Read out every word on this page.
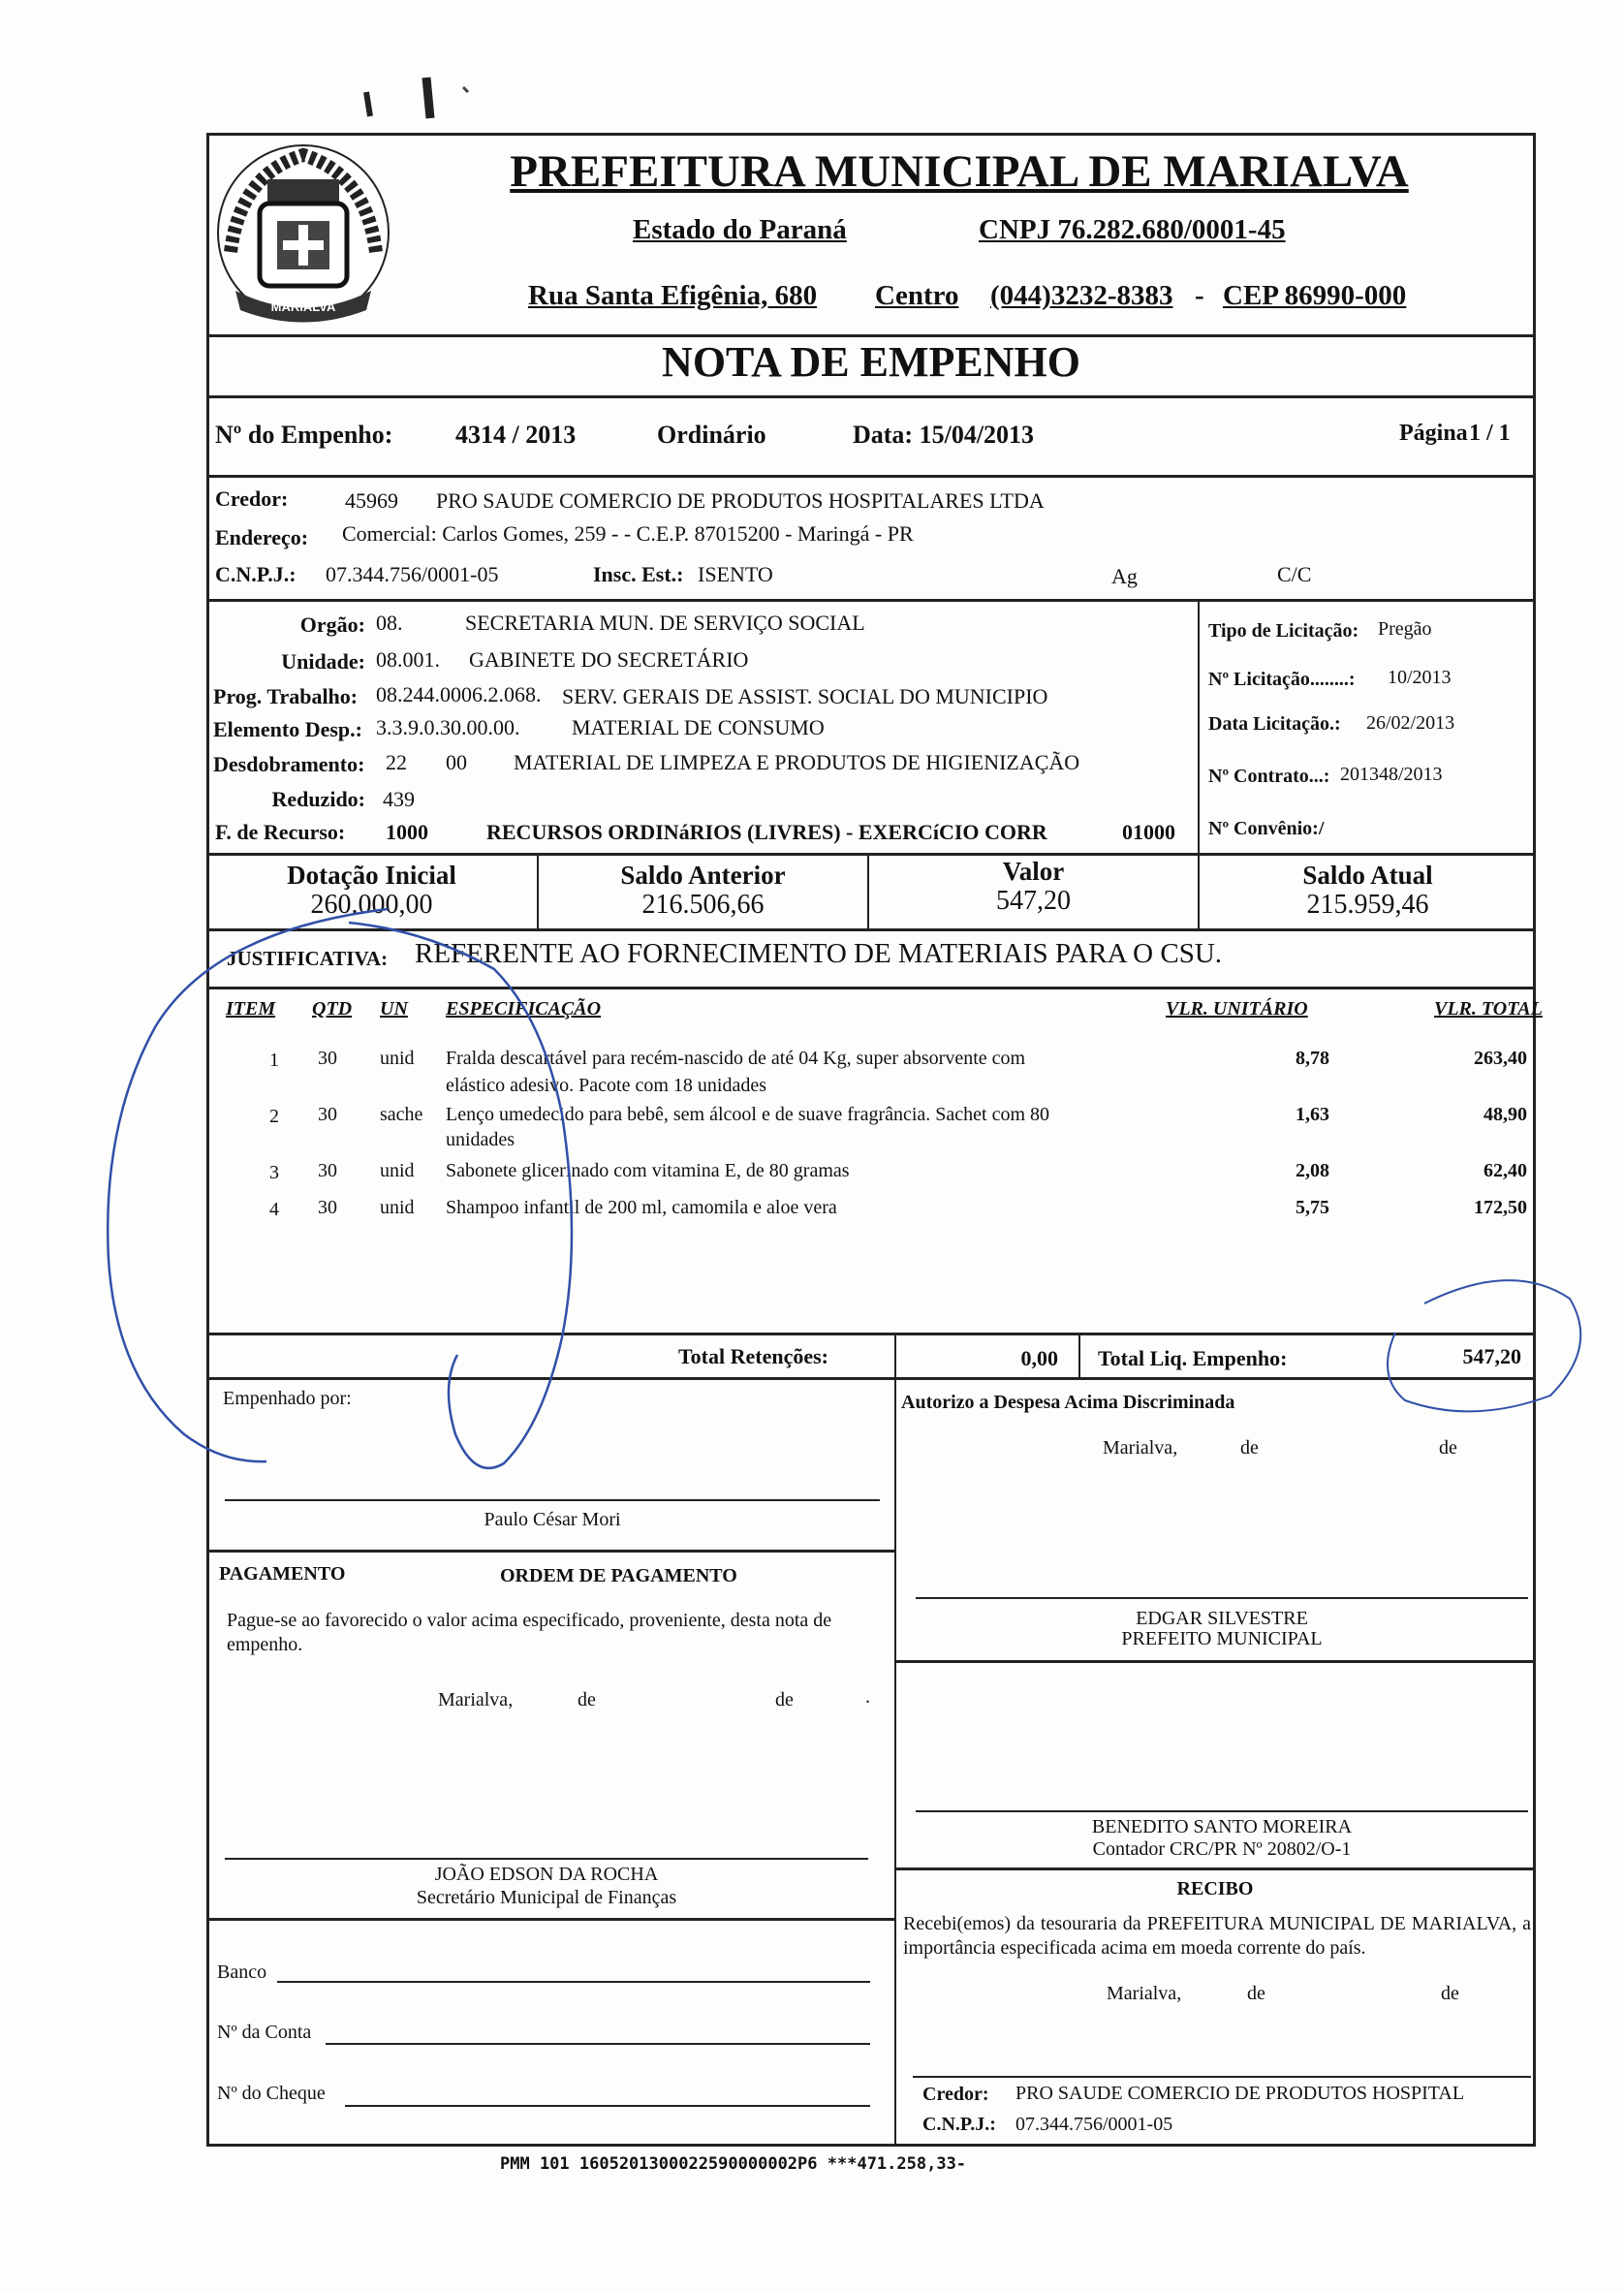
MARIALVA
PREFEITURA MUNICIPAL DE MARIALVA
Estado do Paraná	CNPJ 76.282.680/0001-45
Rua Santa Efigênia, 680 Centro (044)3232-8383 - CEP 86990-000
NOTA DE EMPENHO
Nº do Empenho: 4314 / 2013	Ordinário	Data: 15/04/2013	Página 1 / 1
Credor:	45969 PRO SAUDE COMERCIO DE PRODUTOS HOSPITALARES LTDA
Endereço: Comercial: Carlos Gomes, 259 - - C.E.P. 87015200 - Maringá - PR
C.N.P.J.: 07.344.756/0001-05	Insc. Est.: ISENTO	Ag	C/C
Orgão: 08.	SECRETARIA MUN. DE SERVIÇO SOCIAL
Unidade: 08.001. GABINETE DO SECRETÁRIO
Prog. Trabalho: 08.244.0006.2.068. SERV. GERAIS DE ASSIST. SOCIAL DO MUNICIPIO
Elemento Desp.: 3.3.9.0.30.00.00. MATERIAL DE CONSUMO
Desdobramento: 22 00 MATERIAL DE LIMPEZA E PRODUTOS DE HIGIENIZAÇÃO
Reduzido: 439
F. de Recurso: 1000	RECURSOS ORDINáRIOS (LIVRES) - EXERCíCIO CORR	01000
Tipo de Licitação: Pregão
Nº Licitação........: 10/2013
Data Licitação.: 26/02/2013
Nº Contrato...: 201348/2013
Nº Convênio:/
Dotação Inicial
260.000,00
Saldo Anterior
216.506,66
Valor
547,20
Saldo Atual
215.959,46
JUSTIFICATIVA: REFERENTE AO FORNECIMENTO DE MATERIAIS PARA O CSU.
ITEM QTD UN ESPECIFICAÇÃO	VLR. UNITÁRIO	VLR. TOTAL
1 30 unid Fralda descartável para recém-nascido de até 04 Kg, super absorvente com
elástico adesivo. Pacote com 18 unidades
8,78	263,40
2 30 sache Lenço umedecido para bebê, sem álcool e de suave fragrância. Sachet com 80
unidades
1,63	48,90
3 30 unid Sabonete glicerinado com vitamina E, de 80 gramas	2,08	62,40
4 30 unid Shampoo infantil de 200 ml, camomila e aloe vera	5,75	172,50
Total Retenções:	0,00 Total Liq. Empenho:	547,20
Empenhado por:
Paulo César Mori
Autorizo a Despesa Acima Discriminada
Marialva,	de	de
EDGAR SILVESTRE
PREFEITO MUNICIPAL
PAGAMENTO	ORDEM DE PAGAMENTO
Pague-se ao favorecido o valor acima especificado, proveniente, desta nota de empenho.
Marialva,	de	de	.
JOÃO EDSON DA ROCHA
Secretário Municipal de Finanças
Banco
Nº da Conta
Nº do Cheque
BENEDITO SANTO MOREIRA
Contador CRC/PR Nº 20802/O-1
RECIBO
Recebi(emos) da tesouraria da PREFEITURA MUNICIPAL DE MARIALVA, a importância especificada acima em moeda corrente do país.
Marialva,	de	de
Credor: PRO SAUDE COMERCIO DE PRODUTOS HOSPITAL
C.N.P.J.: 07.344.756/0001-05
PMM 101 1605201300022590000002P6 ***471.258,33-
